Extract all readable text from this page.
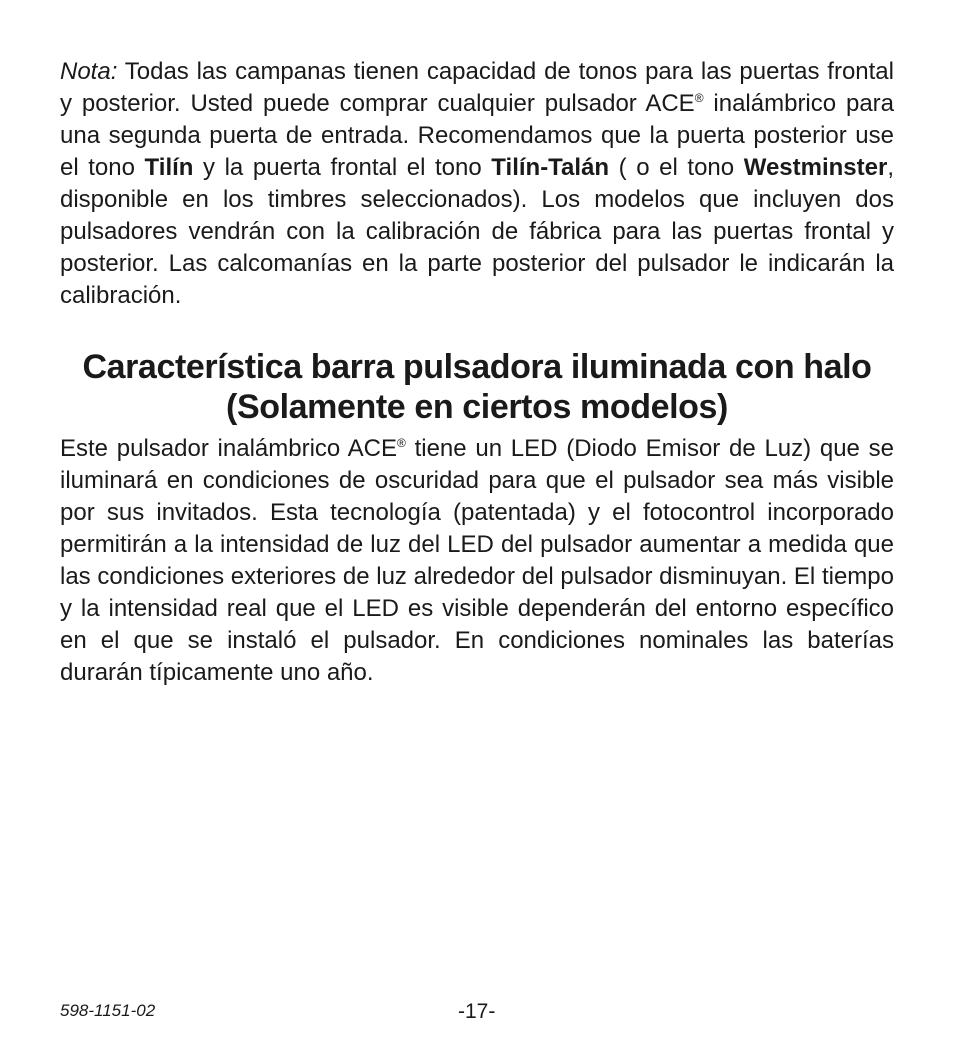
Nota: Todas las campanas tienen capacidad de tonos para las puertas frontal y posterior. Usted puede comprar cualquier pulsador ACE® inalámbrico para una segunda puerta de entrada. Recomendamos que la puerta posterior use el tono Tilín y la puerta frontal el tono Tilín-Talán ( o el tono Westminster, disponible en los timbres seleccionados). Los modelos que incluyen dos pulsadores vendrán con la calibración de fábrica para las puertas frontal y posterior. Las calcomanías en la parte posterior del pulsador le indicarán la calibración.

Característica barra pulsadora iluminada con halo
(Solamente en ciertos modelos)

Este pulsador inalámbrico ACE® tiene un LED (Diodo Emisor de Luz) que se iluminará en condiciones de oscuridad para que el pulsador sea más visible por sus invitados. Esta tecnología (patentada) y el fotocontrol incorporado permitirán a la intensidad de luz del LED del pulsador aumentar a medida que las condiciones exteriores de luz alrededor del pulsador disminuyan. El tiempo y la intensidad real que el LED es visible dependerán del entorno específico en el que se instaló el pulsador. En condiciones nominales las baterías durarán típicamente uno año.

598-1151-02	-17-
